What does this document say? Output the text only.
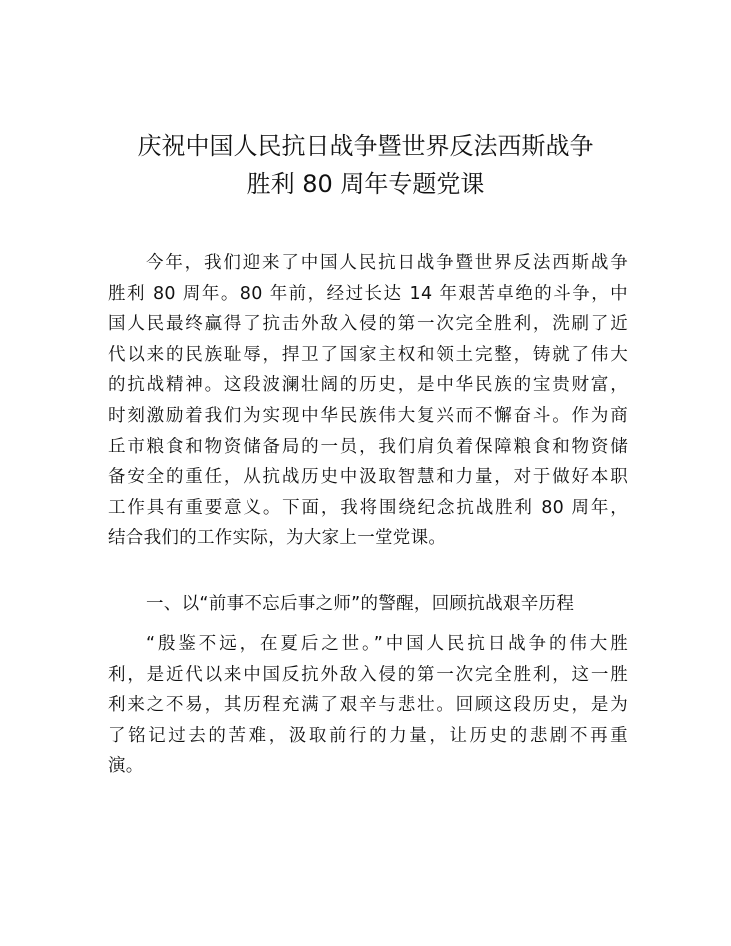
庆祝中国人民抗日战争暨世界反法西斯战争
胜利 80 周年专题党课
今年，我们迎来了中国人民抗日战争暨世界反法西斯战争
胜利 80 周年。80 年前，经过长达 14 年艰苦卓绝的斗争，中
国人民最终赢得了抗击外敌入侵的第一次完全胜利，洗刷了近
代以来的民族耻辱，捍卫了国家主权和领土完整，铸就了伟大
的抗战精神。这段波澜壮阔的历史，是中华民族的宝贵财富，
时刻激励着我们为实现中华民族伟大复兴而不懈奋斗。作为商
丘市粮食和物资储备局的一员，我们肩负着保障粮食和物资储
备安全的重任，从抗战历史中汲取智慧和力量，对于做好本职
工作具有重要意义。下面，我将围绕纪念抗战胜利 80 周年，
结合我们的工作实际，为大家上一堂党课。
一、以“前事不忘后事之师”的警醒，回顾抗战艰辛历程
“殷鉴不远，在夏后之世。”中国人民抗日战争的伟大胜
利，是近代以来中国反抗外敌入侵的第一次完全胜利，这一胜
利来之不易，其历程充满了艰辛与悲壮。回顾这段历史，是为
了铭记过去的苦难，汲取前行的力量，让历史的悲剧不再重
演。
